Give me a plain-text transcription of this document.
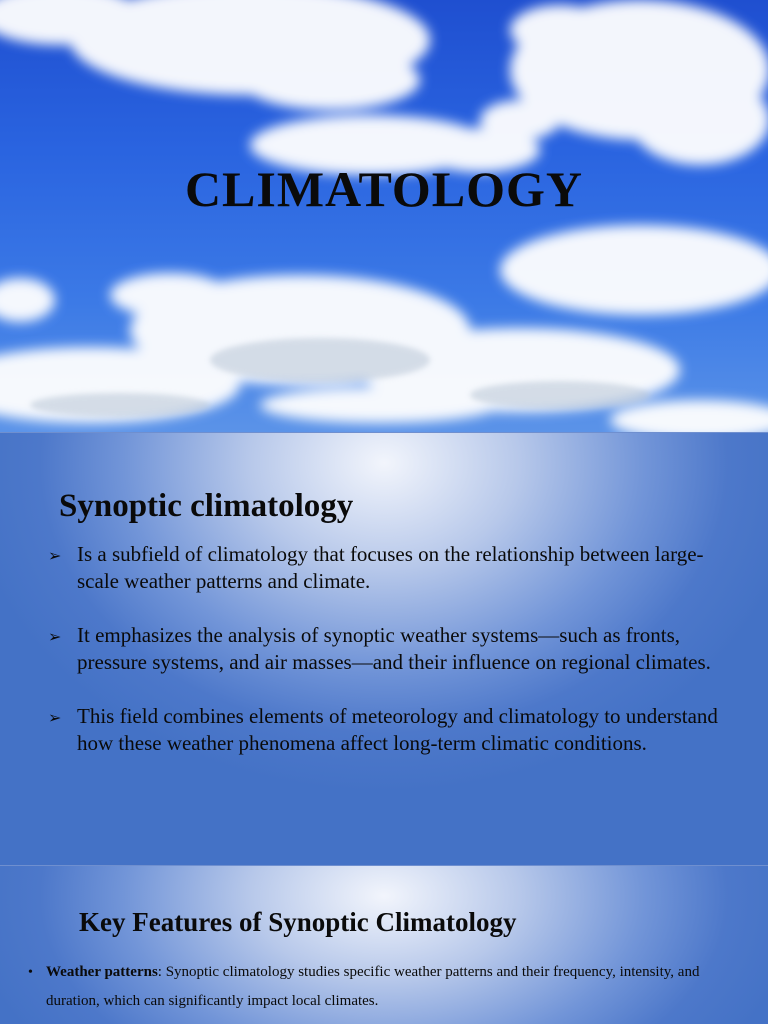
CLIMATOLOGY
Synoptic climatology
➢ Is a subfield of climatology that focuses on the relationship between large-scale weather patterns and climate.
➢ It emphasizes the analysis of synoptic weather systems—such as fronts, pressure systems, and air masses—and their influence on regional climates.
➢ This field combines elements of meteorology and climatology to understand how these weather phenomena affect long-term climatic conditions.
Key Features of Synoptic Climatology
• Weather patterns: Synoptic climatology studies specific weather patterns and their frequency, intensity, and duration, which can significantly impact local climates.
